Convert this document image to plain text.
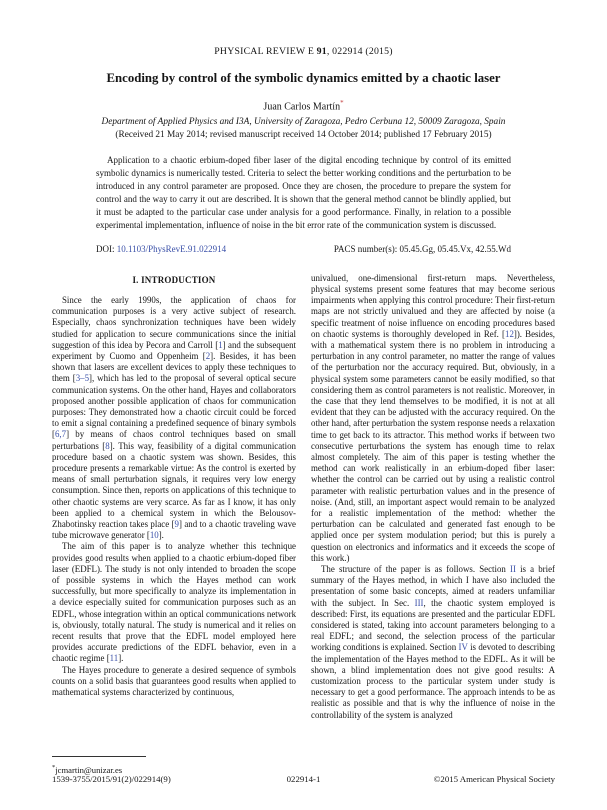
PHYSICAL REVIEW E 91, 022914 (2015)
Encoding by control of the symbolic dynamics emitted by a chaotic laser
Juan Carlos Martín*
Department of Applied Physics and I3A, University of Zaragoza, Pedro Cerbuna 12, 50009 Zaragoza, Spain
(Received 21 May 2014; revised manuscript received 14 October 2014; published 17 February 2015)
Application to a chaotic erbium-doped fiber laser of the digital encoding technique by control of its emitted symbolic dynamics is numerically tested. Criteria to select the better working conditions and the perturbation to be introduced in any control parameter are proposed. Once they are chosen, the procedure to prepare the system for control and the way to carry it out are described. It is shown that the general method cannot be blindly applied, but it must be adapted to the particular case under analysis for a good performance. Finally, in relation to a possible experimental implementation, influence of noise in the bit error rate of the communication system is discussed.
DOI: 10.1103/PhysRevE.91.022914	PACS number(s): 05.45.Gg, 05.45.Vx, 42.55.Wd
I. INTRODUCTION

Since the early 1990s, the application of chaos for communication purposes is a very active subject of research. Especially, chaos synchronization techniques have been widely studied for application to secure communications since the initial suggestion of this idea by Pecora and Carroll [1] and the subsequent experiment by Cuomo and Oppenheim [2]. Besides, it has been shown that lasers are excellent devices to apply these techniques to them [3–5], which has led to the proposal of several optical secure communication systems. On the other hand, Hayes and collaborators proposed another possible application of chaos for communication purposes: They demonstrated how a chaotic circuit could be forced to emit a signal containing a predefined sequence of binary symbols [6,7] by means of chaos control techniques based on small perturbations [8]. This way, feasibility of a digital communication procedure based on a chaotic system was shown. Besides, this procedure presents a remarkable virtue: As the control is exerted by means of small perturbation signals, it requires very low energy consumption. Since then, reports on applications of this technique to other chaotic systems are very scarce. As far as I know, it has only been applied to a chemical system in which the Belousov-Zhabotinsky reaction takes place [9] and to a chaotic traveling wave tube microwave generator [10].

The aim of this paper is to analyze whether this technique provides good results when applied to a chaotic erbium-doped fiber laser (EDFL). The study is not only intended to broaden the scope of possible systems in which the Hayes method can work successfully, but more specifically to analyze its implementation in a device especially suited for communication purposes such as an EDFL, whose integration within an optical communications network is, obviously, totally natural. The study is numerical and it relies on recent results that prove that the EDFL model employed here provides accurate predictions of the EDFL behavior, even in a chaotic regime [11].

The Hayes procedure to generate a desired sequence of symbols counts on a solid basis that guarantees good results when applied to mathematical systems characterized by continuous,

*jcmartin@unizar.es

univalued, one-dimensional first-return maps. Nevertheless, physical systems present some features that may become serious impairments when applying this control procedure: Their first-return maps are not strictly univalued and they are affected by noise (a specific treatment of noise influence on encoding procedures based on chaotic systems is thoroughly developed in Ref. [12]). Besides, with a mathematical system there is no problem in introducing a perturbation in any control parameter, no matter the range of values of the perturbation nor the accuracy required. But, obviously, in a physical system some parameters cannot be easily modified, so that considering them as control parameters is not realistic. Moreover, in the case that they lend themselves to be modified, it is not at all evident that they can be adjusted with the accuracy required. On the other hand, after perturbation the system response needs a relaxation time to get back to its attractor. This method works if between two consecutive perturbations the system has enough time to relax almost completely. The aim of this paper is testing whether the method can work realistically in an erbium-doped fiber laser: whether the control can be carried out by using a realistic control parameter with realistic perturbation values and in the presence of noise. (And, still, an important aspect would remain to be analyzed for a realistic implementation of the method: whether the perturbation can be calculated and generated fast enough to be applied once per system modulation period; but this is purely a question on electronics and informatics and it exceeds the scope of this work.)

The structure of the paper is as follows. Section II is a brief summary of the Hayes method, in which I have also included the presentation of some basic concepts, aimed at readers unfamiliar with the subject. In Sec. III, the chaotic system employed is described: First, its equations are presented and the particular EDFL considered is stated, taking into account parameters belonging to a real EDFL; and second, the selection process of the particular working conditions is explained. Section IV is devoted to describing the implementation of the Hayes method to the EDFL. As it will be shown, a blind implementation does not give good results: A customization process to the particular system under study is necessary to get a good performance. The approach intends to be as realistic as possible and that is why the influence of noise in the controllability of the system is analyzed

1539-3755/2015/91(2)/022914(9)	022914-1	©2015 American Physical Society
